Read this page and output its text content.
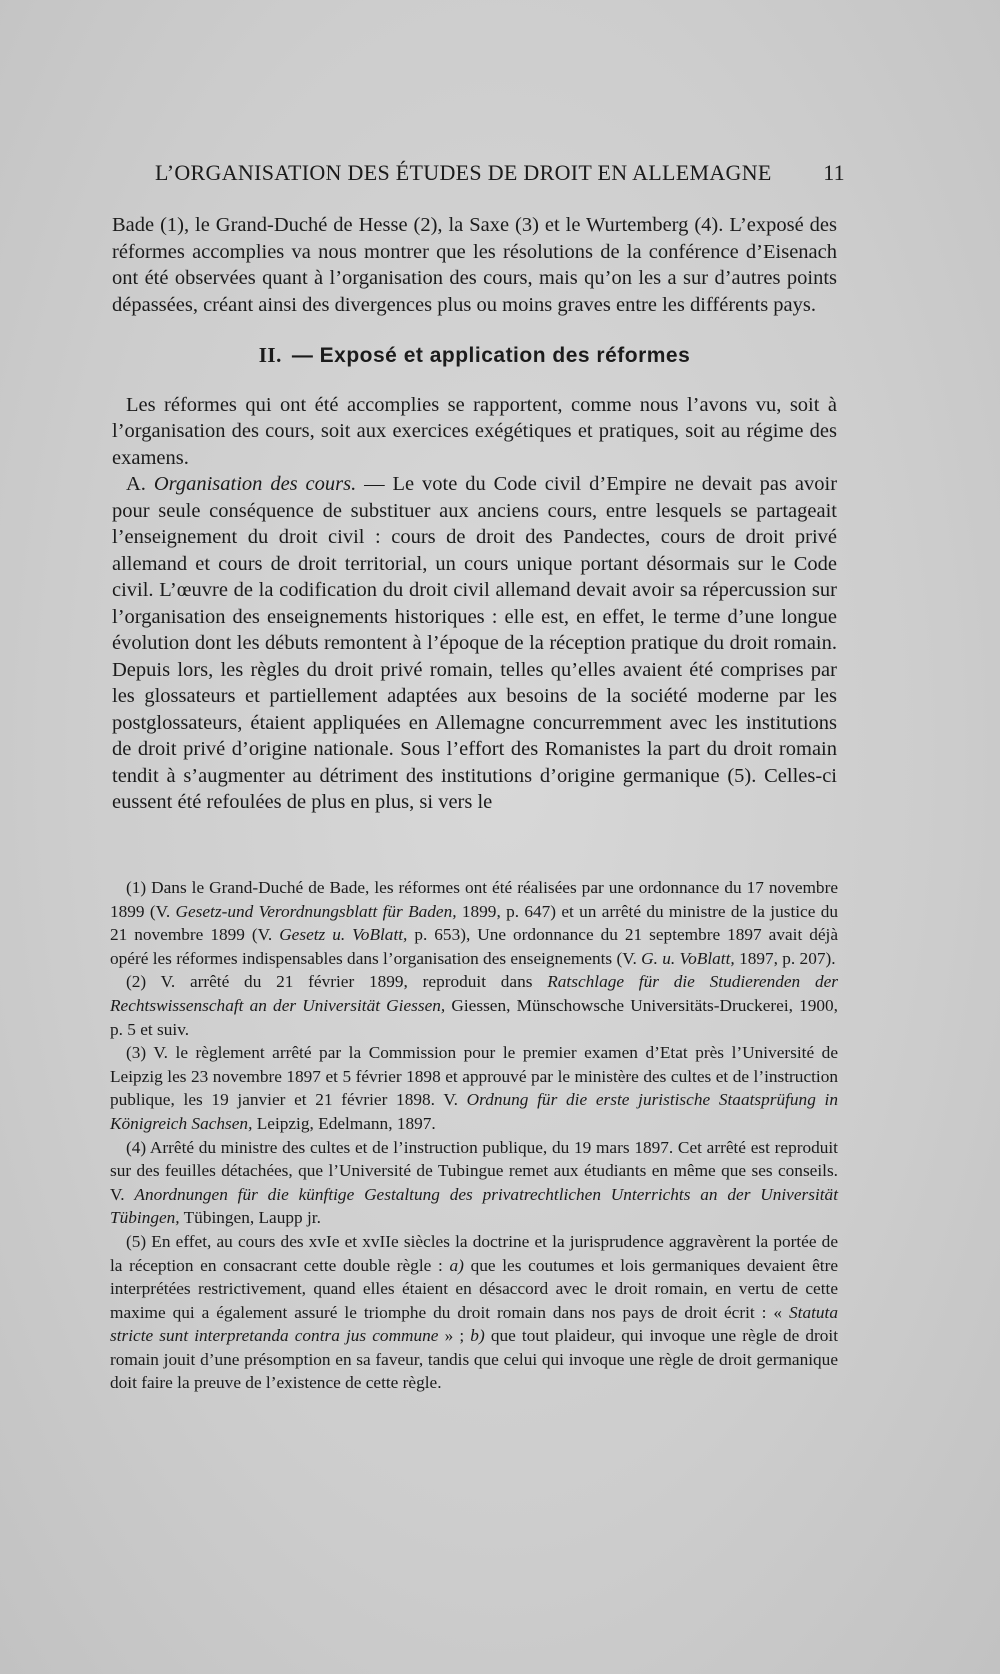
L’ORGANISATION DES ÉTUDES DE DROIT EN ALLEMAGNE 11

Bade (1), le Grand-Duché de Hesse (2), la Saxe (3) et le Wurtemberg (4). L’exposé des réformes accomplies va nous montrer que les résolutions de la conférence d’Eisenach ont été observées quant à l’organisation des cours, mais qu’on les a sur d’autres points dépassées, créant ainsi des divergences plus ou moins graves entre les différents pays.

II. — Exposé et application des réformes

Les réformes qui ont été accomplies se rapportent, comme nous l’avons vu, soit à l’organisation des cours, soit aux exercices exégétiques et pratiques, soit au régime des examens.

A. Organisation des cours. — Le vote du Code civil d’Empire ne devait pas avoir pour seule conséquence de substituer aux anciens cours, entre lesquels se partageait l’enseignement du droit civil : cours de droit des Pandectes, cours de droit privé allemand et cours de droit territorial, un cours unique portant désormais sur le Code civil. L’œuvre de la codification du droit civil allemand devait avoir sa répercussion sur l’organisation des enseignements historiques : elle est, en effet, le terme d’une longue évolution dont les débuts remontent à l’époque de la réception pratique du droit romain. Depuis lors, les règles du droit privé romain, telles qu’elles avaient été comprises par les glossateurs et partiellement adaptées aux besoins de la société moderne par les postglossateurs, étaient appliquées en Allemagne concurremment avec les institutions de droit privé d’origine nationale. Sous l’effort des Romanistes la part du droit romain tendit à s’augmenter au détriment des institutions d’origine germanique (5). Celles-ci eussent été refoulées de plus en plus, si vers le

(1) Dans le Grand-Duché de Bade, les réformes ont été réalisées par une ordonnance du 17 novembre 1899 (V. Gesetz-und Verordnungsblatt für Baden, 1899, p. 647) et un arrêté du ministre de la justice du 21 novembre 1899 (V. Gesetz u. VoBlatt, p. 653), Une ordonnance du 21 septembre 1897 avait déjà opéré les réformes indispensables dans l’organisation des enseignements (V. G. u. VoBlatt, 1897, p. 207).

(2) V. arrêté du 21 février 1899, reproduit dans Ratschlage für die Studierenden der Rechtswissenschaft an der Universität Giessen, Giessen, Münschowsche Universitäts-Druckerei, 1900, p. 5 et suiv.

(3) V. le règlement arrêté par la Commission pour le premier examen d’Etat près l’Université de Leipzig les 23 novembre 1897 et 5 février 1898 et approuvé par le ministère des cultes et de l’instruction publique, les 19 janvier et 21 février 1898. V. Ordnung für die erste juristische Staatsprüfung in Königreich Sachsen, Leipzig, Edelmann, 1897.

(4) Arrêté du ministre des cultes et de l’instruction publique, du 19 mars 1897. Cet arrêté est reproduit sur des feuilles détachées, que l’Université de Tubingue remet aux étudiants en même que ses conseils. V. Anordnungen für die künftige Gestaltung des privatrechtlichen Unterrichts an der Universität Tübingen, Tübingen, Laupp jr.

(5) En effet, au cours des xvIe et xvIIe siècles la doctrine et la jurisprudence aggravèrent la portée de la réception en consacrant cette double règle : a) que les coutumes et lois germaniques devaient être interprétées restrictivement, quand elles étaient en désaccord avec le droit romain, en vertu de cette maxime qui a également assuré le triomphe du droit romain dans nos pays de droit écrit : « Statuta stricte sunt interpretanda contra jus commune » ; b) que tout plaideur, qui invoque une règle de droit romain jouit d’une présomption en sa faveur, tandis que celui qui invoque une règle de droit germanique doit faire la preuve de l’existence de cette règle.
